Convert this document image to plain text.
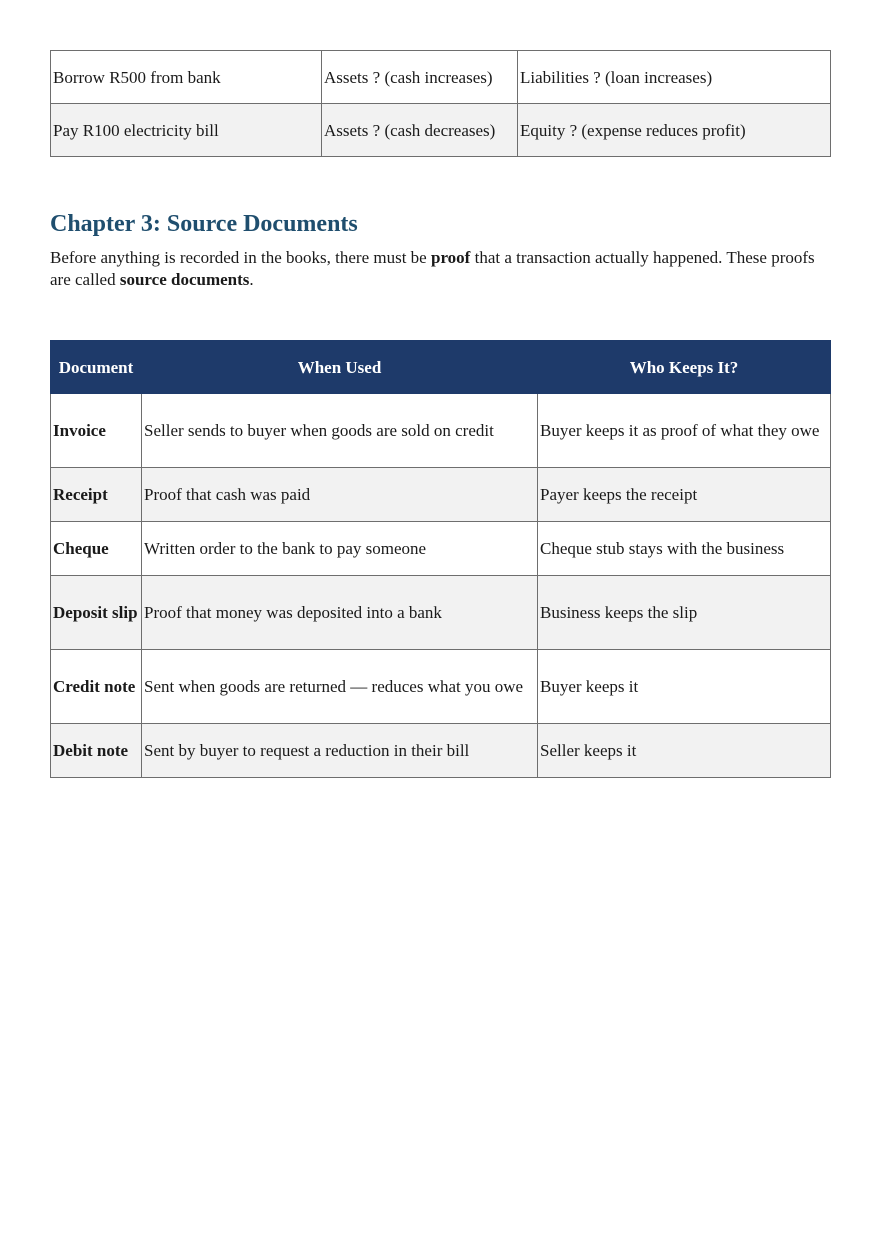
Borrow R500 from bank	Assets ? (cash increases)	Liabilities ? (loan increases)
Pay R100 electricity bill	Assets ? (cash decreases)	Equity ? (expense reduces profit)
Chapter 3: Source Documents

Before anything is recorded in the books, there must be proof that a transaction actually happened. These proofs are called source documents.

Document	When Used	Who Keeps It?
Invoice	Seller sends to buyer when goods are sold on credit	Buyer keeps it as proof of what they owe
Receipt	Proof that cash was paid	Payer keeps the receipt
Cheque	Written order to the bank to pay someone	Cheque stub stays with the business
Deposit slip	Proof that money was deposited into a bank	Business keeps the slip
Credit note	Sent when goods are returned — reduces what you owe	Buyer keeps it
Debit note	Sent by buyer to request a reduction in their bill	Seller keeps it
